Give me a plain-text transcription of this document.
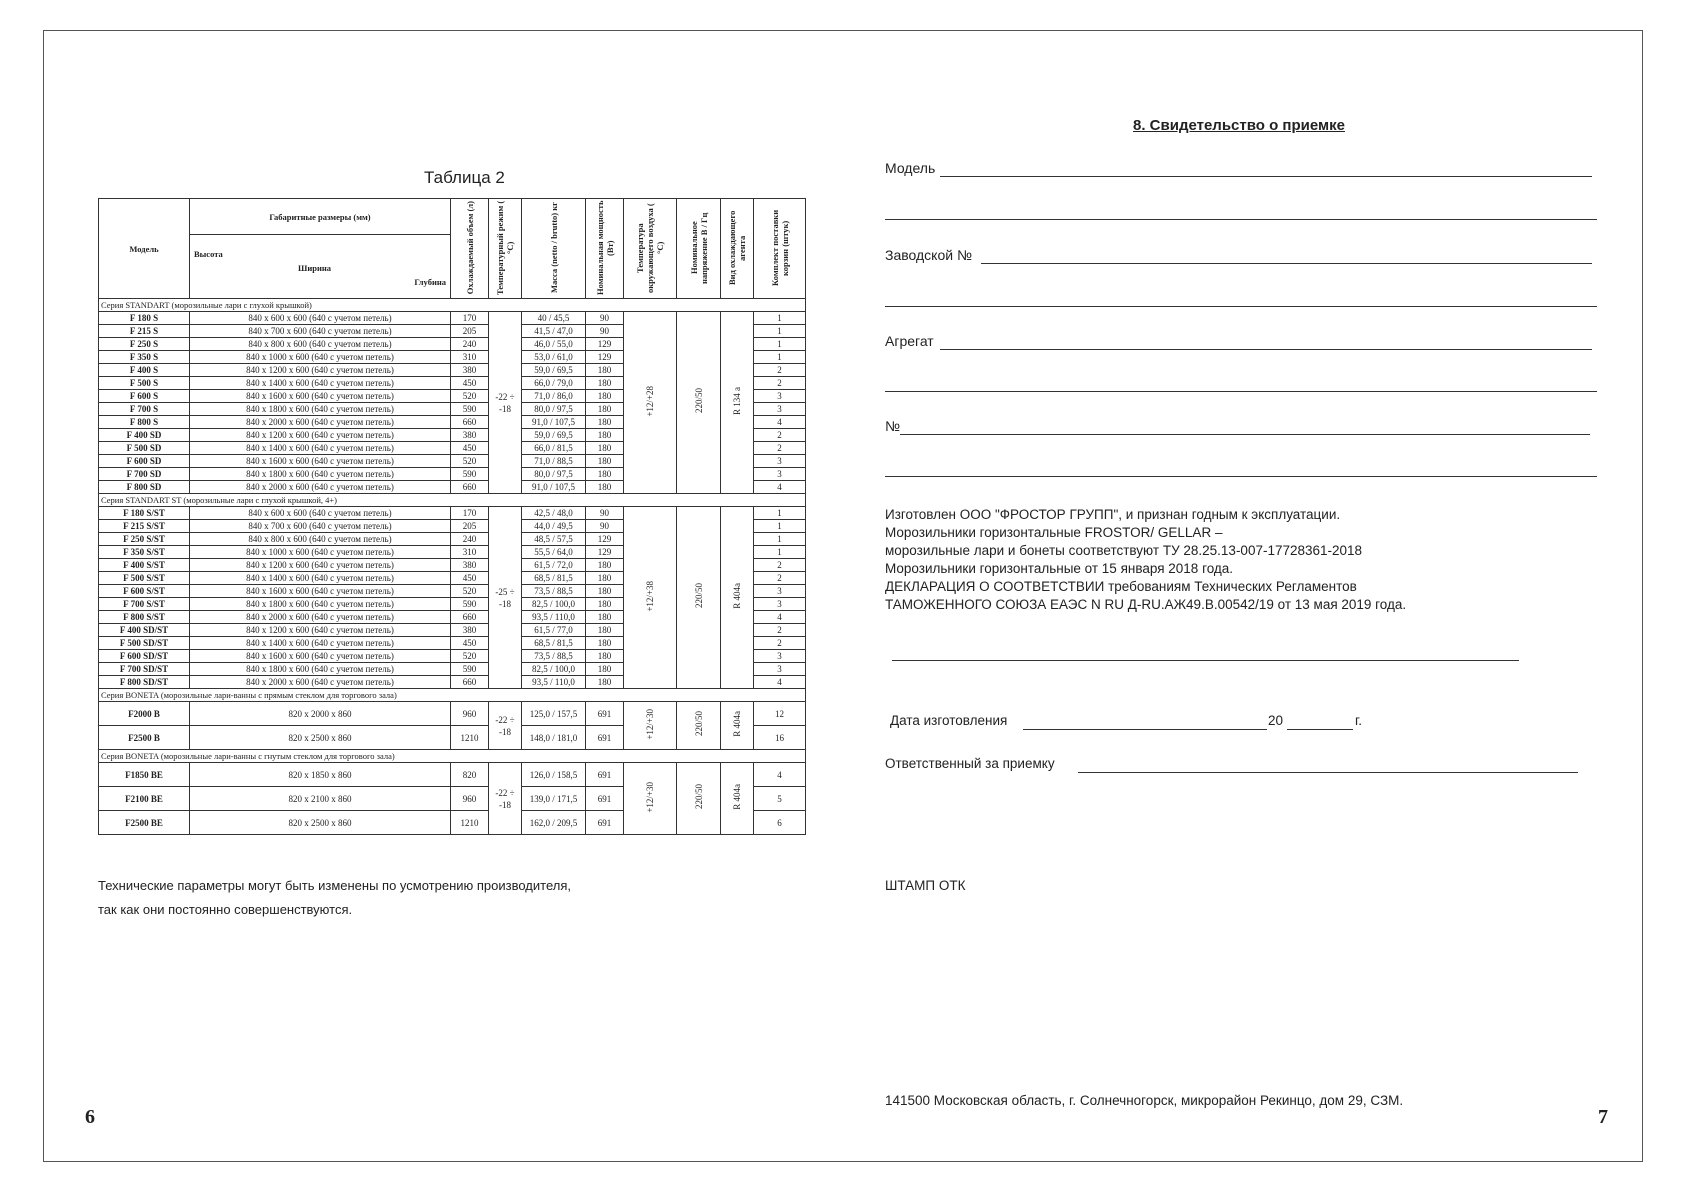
Таблица 2
Модель	Габаритные размеры (мм)	Охлаждаемый объем (л)	Температурный режим ( °С)	Масса (netto / brutto) кг	Номинальная мощность (Вт)	Температура окружающего воздуха ( °С)	Номинальное напряжение В / Гц	Вид охлаждающего агента	Комплект поставки корзин (штук)

	Высота
Ширина
Глубина								

Серия STANDART (морозильные лари с глухой крышкой)									
F 180 S	840 х 600 х 600 (640 с учетом петель)	170	-22 ÷ -18	40 / 45,5	90	+12/+28	220/50	R 134 a	1
F 215 S	840 х 700 х 600 (640 с учетом петель)	205		41,5 / 47,0	90				1
F 250 S	840 х 800 х 600 (640 с учетом петель)	240		46,0 / 55,0	129				1
F 350 S	840 х 1000 х 600 (640 с учетом петель)	310		53,0 / 61,0	129				1
F 400 S	840 х 1200 х 600 (640 с учетом петель)	380		59,0 / 69,5	180				2
F 500 S	840 х 1400 х 600 (640 с учетом петель)	450		66,0 / 79,0	180				2
F 600 S	840 х 1600 х 600 (640 с учетом петель)	520		71,0 / 86,0	180				3
F 700 S	840 х 1800 х 600 (640 с учетом петель)	590		80,0 / 97,5	180				3
F 800 S	840 х 2000 х 600 (640 с учетом петель)	660		91,0 / 107,5	180				4
F 400 SD	840 х 1200 х 600 (640 с учетом петель)	380		59,0 / 69,5	180				2
F 500 SD	840 х 1400 х 600 (640 с учетом петель)	450		66,0 / 81,5	180				2
F 600 SD	840 х 1600 х 600 (640 с учетом петель)	520		71,0 / 88,5	180				3
F 700 SD	840 х 1800 х 600 (640 с учетом петель)	590		80,0 / 97,5	180				3
F 800 SD	840 х 2000 х 600 (640 с учетом петель)	660		91,0 / 107,5	180				4
Серия STANDART ST (морозильные лари с глухой крышкой, 4+)									
F 180 S/ST	840 х 600 х 600 (640 с учетом петель)	170	-25 ÷ -18	42,5 / 48,0	90	+12/+38	220/50	R 404a	1
F 215 S/ST	840 х 700 х 600 (640 с учетом петель)	205		44,0 / 49,5	90				1
F 250 S/ST	840 х 800 х 600 (640 с учетом петель)	240		48,5 / 57,5	129				1
F 350 S/ST	840 х 1000 х 600 (640 с учетом петель)	310		55,5 / 64,0	129				1
F 400 S/ST	840 х 1200 х 600 (640 с учетом петель)	380		61,5 / 72,0	180				2
F 500 S/ST	840 х 1400 х 600 (640 с учетом петель)	450		68,5 / 81,5	180				2
F 600 S/ST	840 х 1600 х 600 (640 с учетом петель)	520		73,5 / 88,5	180				3
F 700 S/ST	840 х 1800 х 600 (640 с учетом петель)	590		82,5 / 100,0	180				3
F 800 S/ST	840 х 2000 х 600 (640 с учетом петель)	660		93,5 / 110,0	180				4
F 400 SD/ST	840 х 1200 х 600 (640 с учетом петель)	380		61,5 / 77,0	180				2
F 500 SD/ST	840 х 1400 х 600 (640 с учетом петель)	450		68,5 / 81,5	180				2
F 600 SD/ST	840 х 1600 х 600 (640 с учетом петель)	520		73,5 / 88,5	180				3
F 700 SD/ST	840 х 1800 х 600 (640 с учетом петель)	590		82,5 / 100,0	180				3
F 800 SD/ST	840 х 2000 х 600 (640 с учетом петель)	660		93,5 / 110,0	180				4
Серия BONETA (морозильные лари-ванны с прямым стеклом для торгового зала)									
F2000 B	820 х 2000 х 860	960	-22 ÷ -18	125,0 / 157,5	691	+12/+30	220/50	R 404a	12
F2500 B	820 х 2500 х 860	1210		148,0 / 181,0	691				16
Серия BONETA (морозильные лари-ванны с гнутым стеклом для торгового зала)									
F1850 BE	820 х 1850 х 860	820	-22 ÷ -18	126,0 / 158,5	691	+12/+30	220/50	R 404a	4
F2100 BE	820 х 2100 х 860	960		139,0 / 171,5	691				5
F2500 BE	820 х 2500 х 860	1210		162,0 / 209,5	691				6
Технические параметры могут быть изменены по усмотрению производителя,
так как они постоянно совершенствуются.
6
8. Свидетельство о приемке
Модель
Заводской №
Агрегат
№
Изготовлен ООО "ФРОСТОР ГРУПП", и признан годным к эксплуатации.
Морозильники горизонтальные FROSTOR/ GELLAR –
морозильные лари и бонеты соответствуют ТУ 28.25.13-007-17728361-2018
Морозильники горизонтальные от 15 января 2018 года.
ДЕКЛАРАЦИЯ О СООТВЕТСТВИИ требованиям Технических Регламентов
ТАМОЖЕННОГО СОЮЗА ЕАЭС N RU Д-RU.АЖ49.В.00542/19 от 13 мая 2019 года.
Дата изготовления	20	г.
Ответственный за приемку
ШТАМП ОТК
141500 Московская область, г. Солнечногорск, микрорайон Рекинцо, дом 29, СЗМ.
7
